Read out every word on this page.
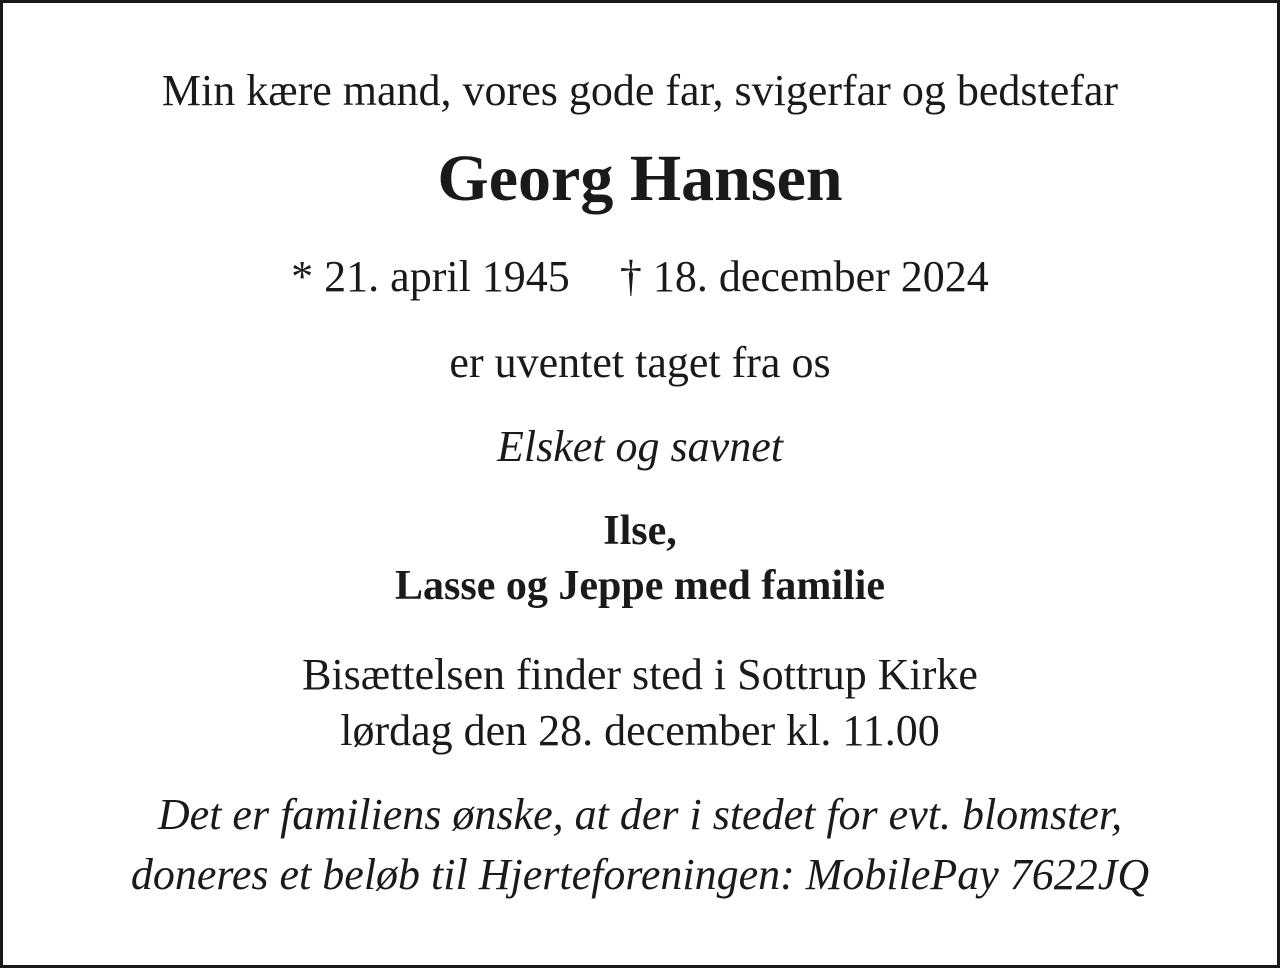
Min kære mand, vores gode far, svigerfar og bedstefar
Georg Hansen
* 21. april 1945 † 18. december 2024
er uventet taget fra os
Elsket og savnet
Ilse,
Lasse og Jeppe med familie
Bisættelsen finder sted i Sottrup Kirke
lørdag den 28. december kl. 11.00
Det er familiens ønske, at der i stedet for evt. blomster,
doneres et beløb til Hjerteforeningen: MobilePay 7622JQ
